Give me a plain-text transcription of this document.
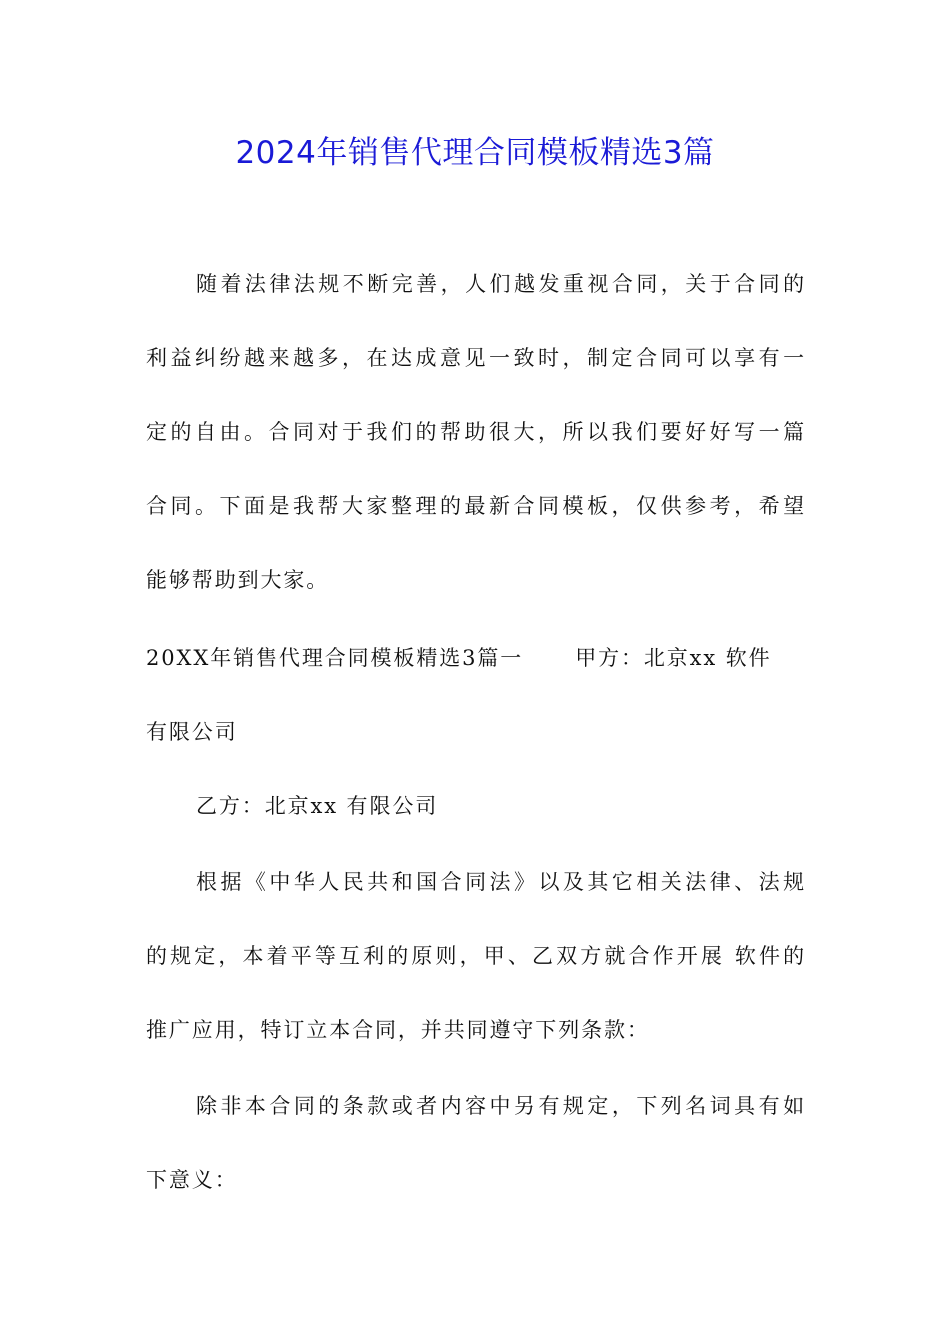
2024年销售代理合同模板精选3篇
随着法律法规不断完善，人们越发重视合同，关于合同的
利益纠纷越来越多，在达成意见一致时，制定合同可以享有一
定的自由。合同对于我们的帮助很大，所以我们要好好写一篇
合同。下面是我帮大家整理的最新合同模板，仅供参考，希望
能够帮助到大家。
20XX年销售代理合同模板精选3篇一 甲方：北京xx 软件
有限公司
乙方：北京xx 有限公司
根据《中华人民共和国合同法》以及其它相关法律、法规
的规定，本着平等互利的原则，甲、乙双方就合作开展 软件的
推广应用，特订立本合同，并共同遵守下列条款：
除非本合同的条款或者内容中另有规定，下列名词具有如
下意义：
